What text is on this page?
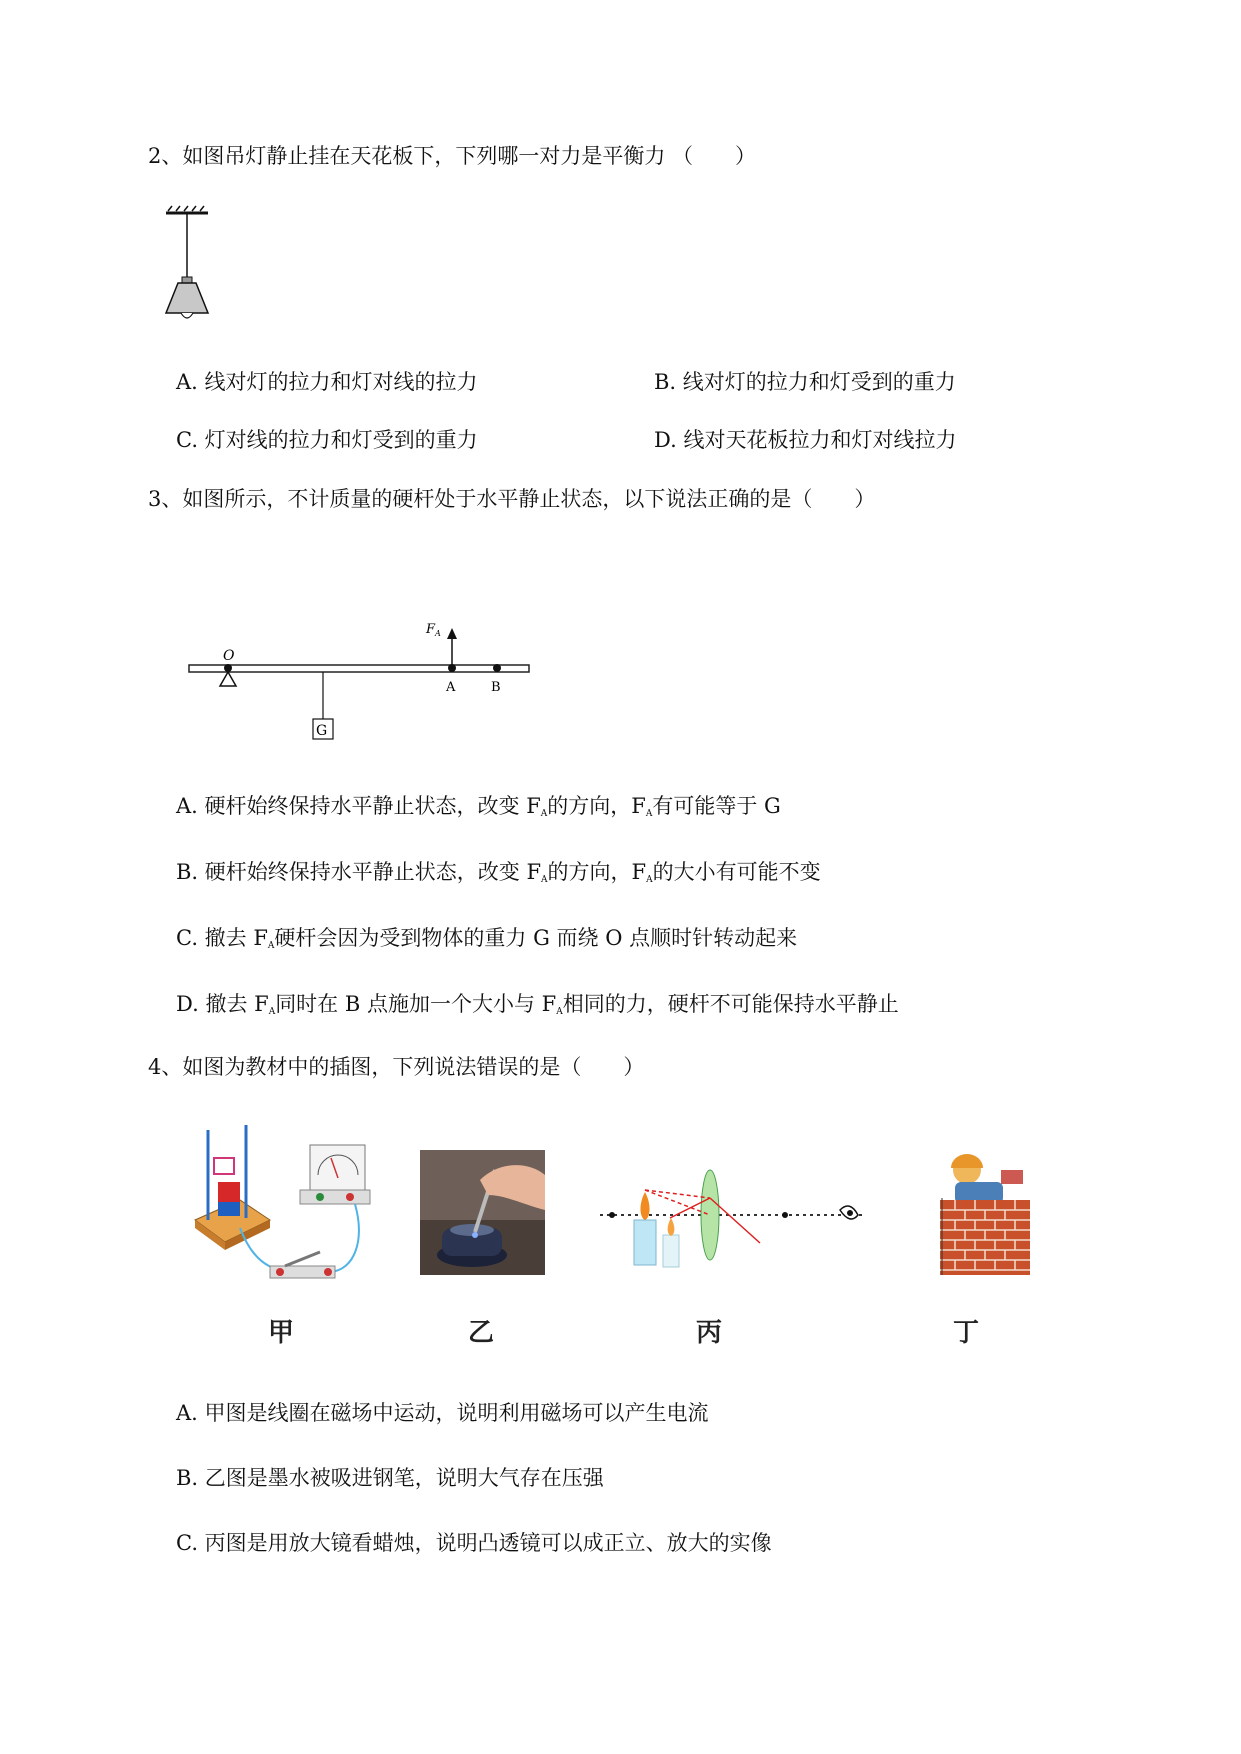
2、如图吊灯静止挂在天花板下，下列哪一对力是平衡力 （　　）
A. 线对灯的拉力和灯对线的拉力	B. 线对灯的拉力和灯受到的重力
C. 灯对线的拉力和灯受到的重力	D. 线对天花板拉力和灯对线拉力
3、如图所示，不计质量的硬杆处于水平静止状态，以下说法正确的是（　　）
O
G
$F_A$
A	B
A. 硬杆始终保持水平静止状态，改变 $F_A$的方向，$F_A$有可能等于 G
B. 硬杆始终保持水平静止状态，改变 $F_A$的方向，$F_A$的大小有可能不变
C. 撤去 $F_A$硬杆会因为受到物体的重力 G 而绕 O 点顺时针转动起来
D. 撤去 $F_A$同时在 B 点施加一个大小与 $F_A$相同的力，硬杆不可能保持水平静止
4、如图为教材中的插图，下列说法错误的是（　　）
甲	乙	丙	丁
A. 甲图是线圈在磁场中运动，说明利用磁场可以产生电流
B. 乙图是墨水被吸进钢笔，说明大气存在压强
C. 丙图是用放大镜看蜡烛，说明凸透镜可以成正立、放大的实像
